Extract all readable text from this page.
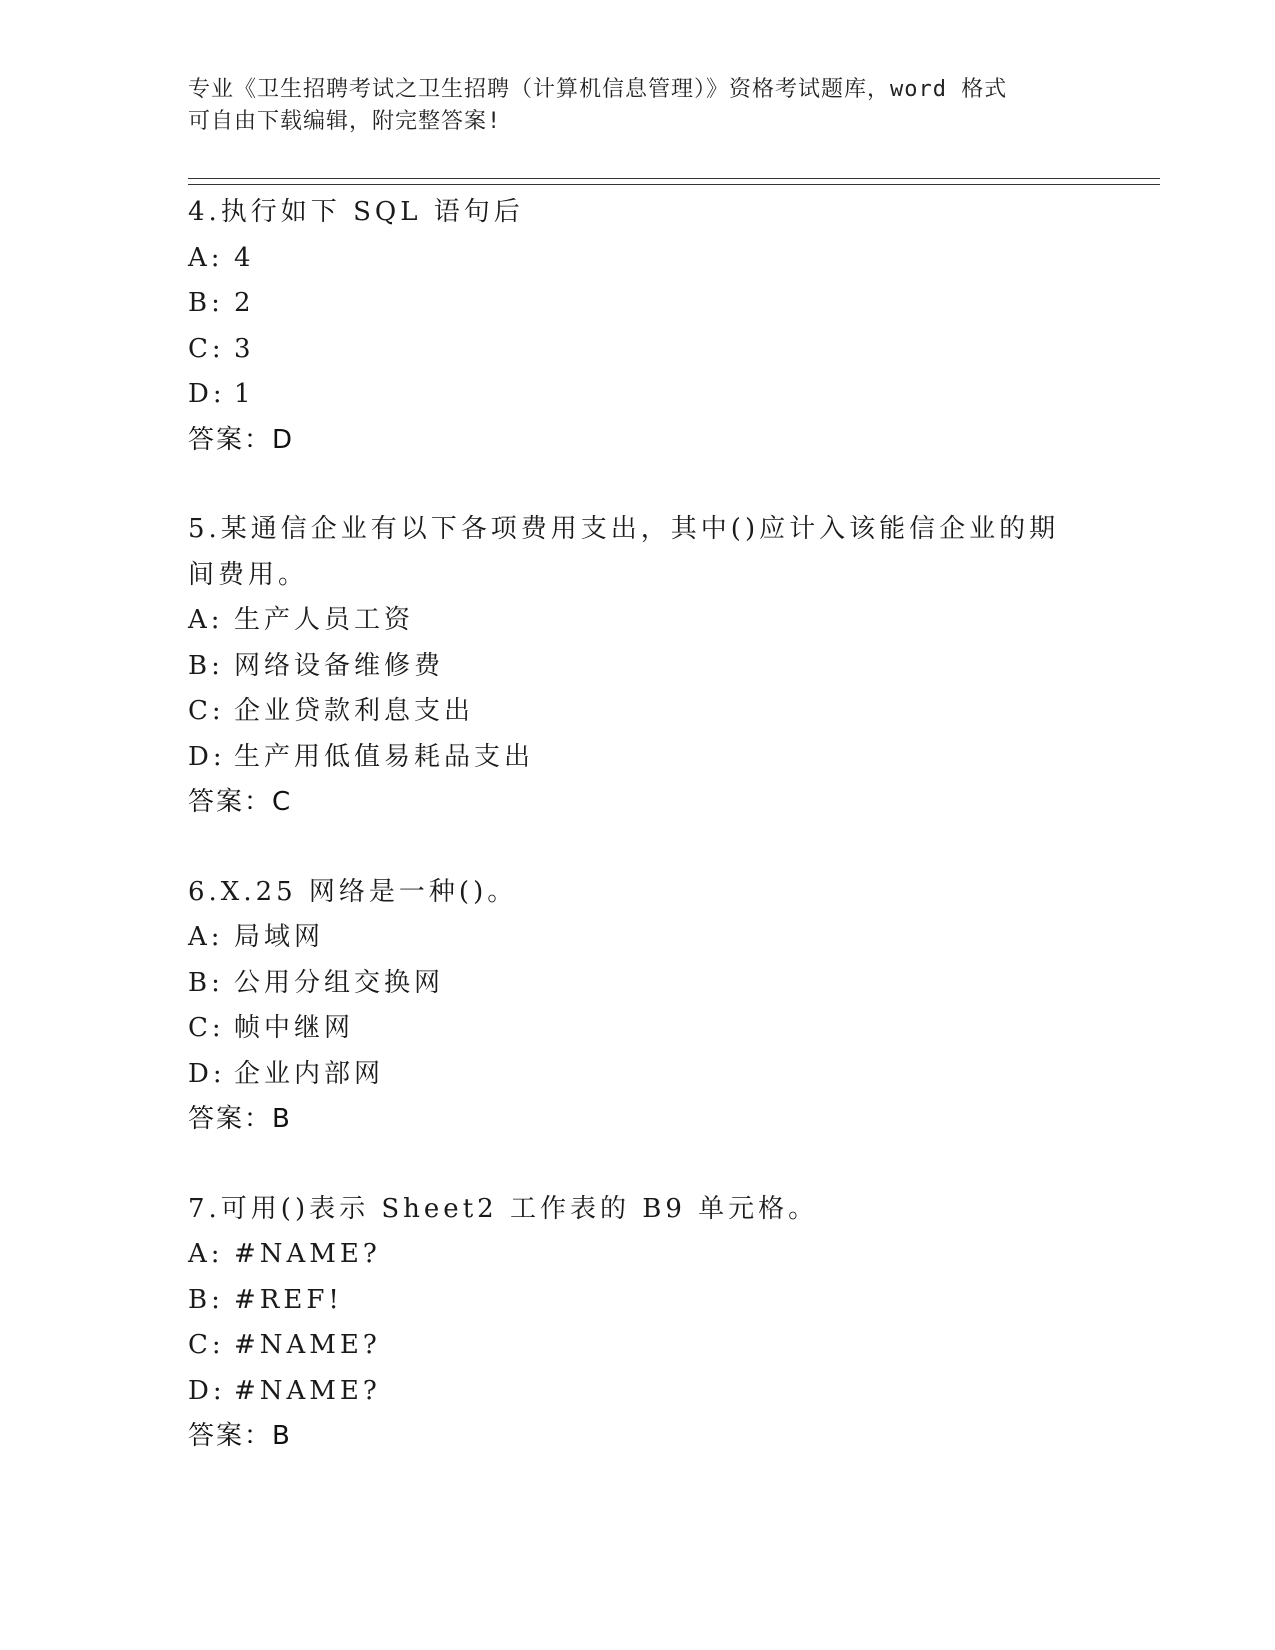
专业《卫生招聘考试之卫生招聘（计算机信息管理）》资格考试题库，word 格式

可自由下载编辑，附完整答案!

4.执行如下 SQL 语句后
A: 4
B: 2
C: 3
D: 1
答案：D
5.某通信企业有以下各项费用支出，其中()应计入该能信企业的期间费用。
A: 生产人员工资
B: 网络设备维修费
C: 企业贷款利息支出
D: 生产用低值易耗品支出
答案：C
6.X.25 网络是一种()。
A: 局域网
B: 公用分组交换网
C: 帧中继网
D: 企业内部网
答案：B
7.可用()表示 Sheet2 工作表的 B9 单元格。
A: #NAME?
B: #REF!
C: #NAME?
D: #NAME?
答案：B
